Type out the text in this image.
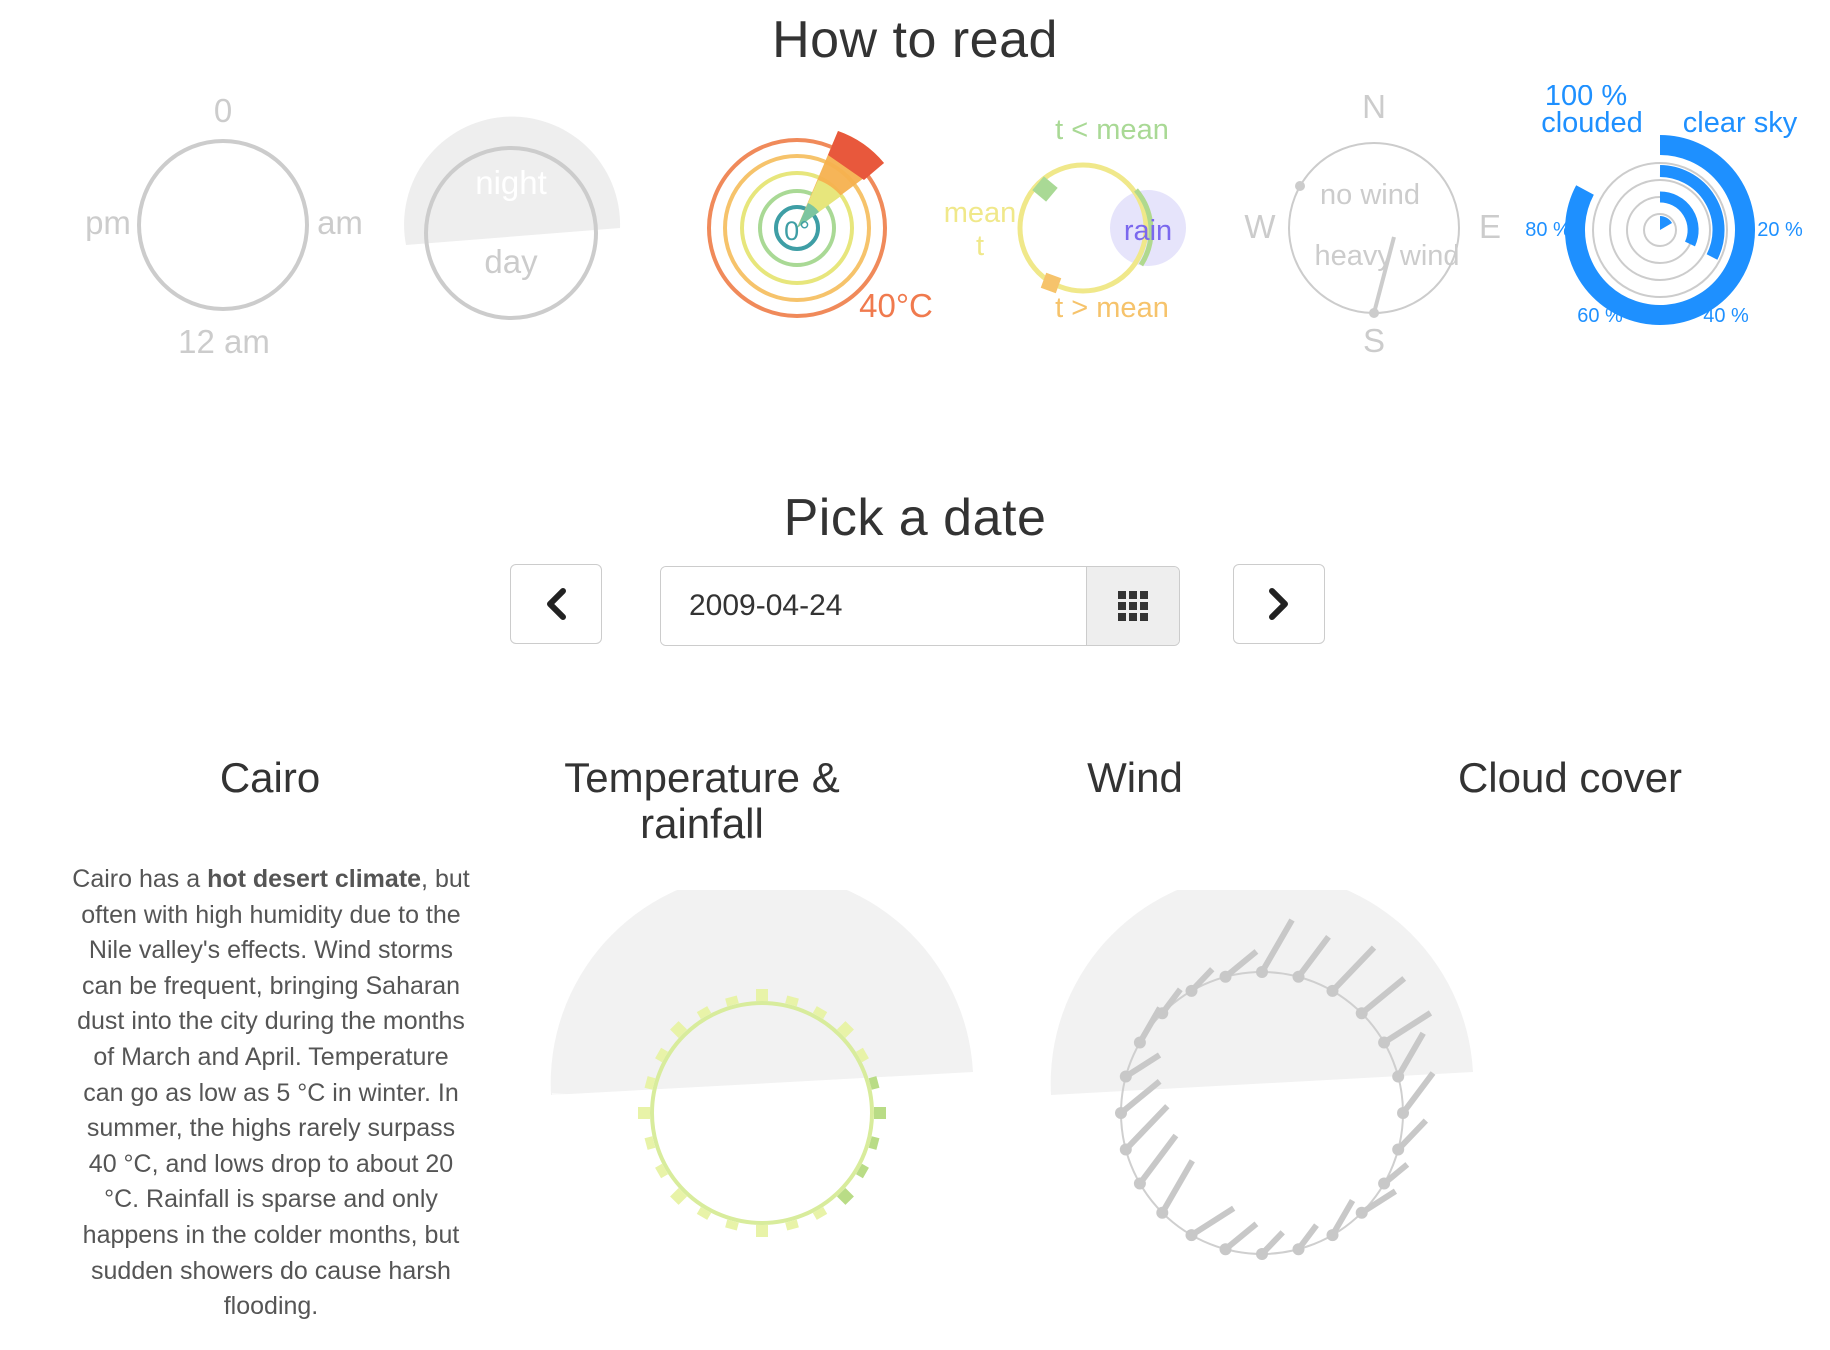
How to read
0
pm	am
12 am
night
day
0°
40°C
t < mean
mean
t	rain
t > mean
N
S
W	E
no wind
heavy wind
100 %
clouded clear sky
80 %	20 %
60 %	40 %
Pick a date
2009-04-24
Cairo	Temperature & rainfall
Wind	Cloud cover
Cairo has a hot desert climate, but often with high humidity due to the Nile valley's effects. Wind storms can be frequent, bringing Saharan dust into the city during the months of March and April. Temperature can go as low as 5 °C in winter. In summer, the highs rarely surpass 40 °C, and lows drop to about 20 °C. Rainfall is sparse and only happens in the colder months, but sudden showers do cause harsh flooding.
